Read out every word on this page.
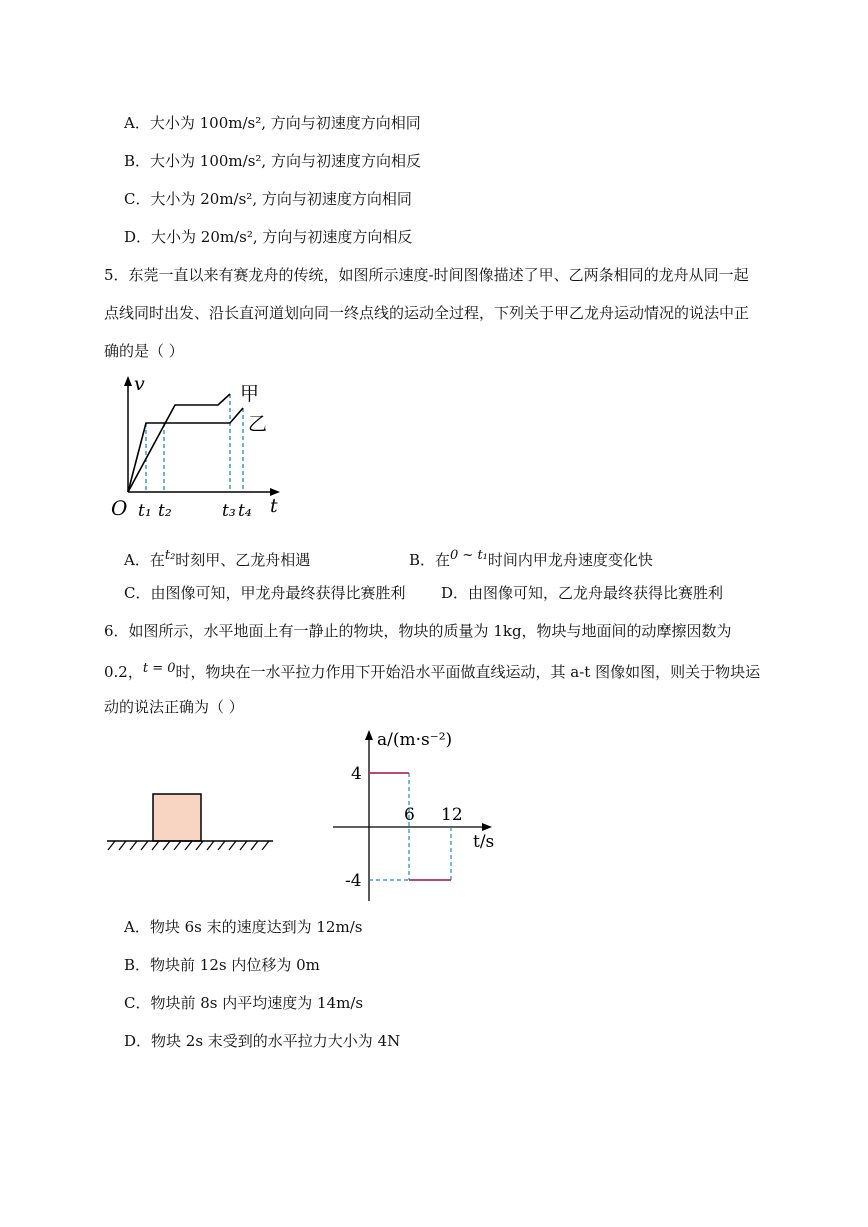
A．大小为 100m/s², 方向与初速度方向相同
B．大小为 100m/s², 方向与初速度方向相反
C．大小为 20m/s², 方向与初速度方向相同
D．大小为 20m/s², 方向与初速度方向相反
5．东莞一直以来有赛龙舟的传统，如图所示速度-时间图像描述了甲、乙两条相同的龙舟从同一起
点线同时出发、沿长直河道划向同一终点线的运动全过程，下列关于甲乙龙舟运动情况的说法中正
确的是（ ）
v
t
O t₁ t₂	t₃ t₄
甲
乙
A．在t₂时刻甲、乙龙舟相遇	B．在0 ~ t₁时间内甲龙舟速度变化快
C．由图像可知，甲龙舟最终获得比赛胜利 D．由图像可知，乙龙舟最终获得比赛胜利
6．如图所示，水平地面上有一静止的物块，物块的质量为 1kg，物块与地面间的动摩擦因数为
0.2，t = 0时，物块在一水平拉力作用下开始沿水平面做直线运动，其 a-t 图像如图，则关于物块运
动的说法正确为（ ）
a/(m·s⁻²)
t/s
4
-4
6 12
A．物块 6s 末的速度达到为 12m/s
B．物块前 12s 内位移为 0m
C．物块前 8s 内平均速度为 14m/s
D．物块 2s 末受到的水平拉力大小为 4N
